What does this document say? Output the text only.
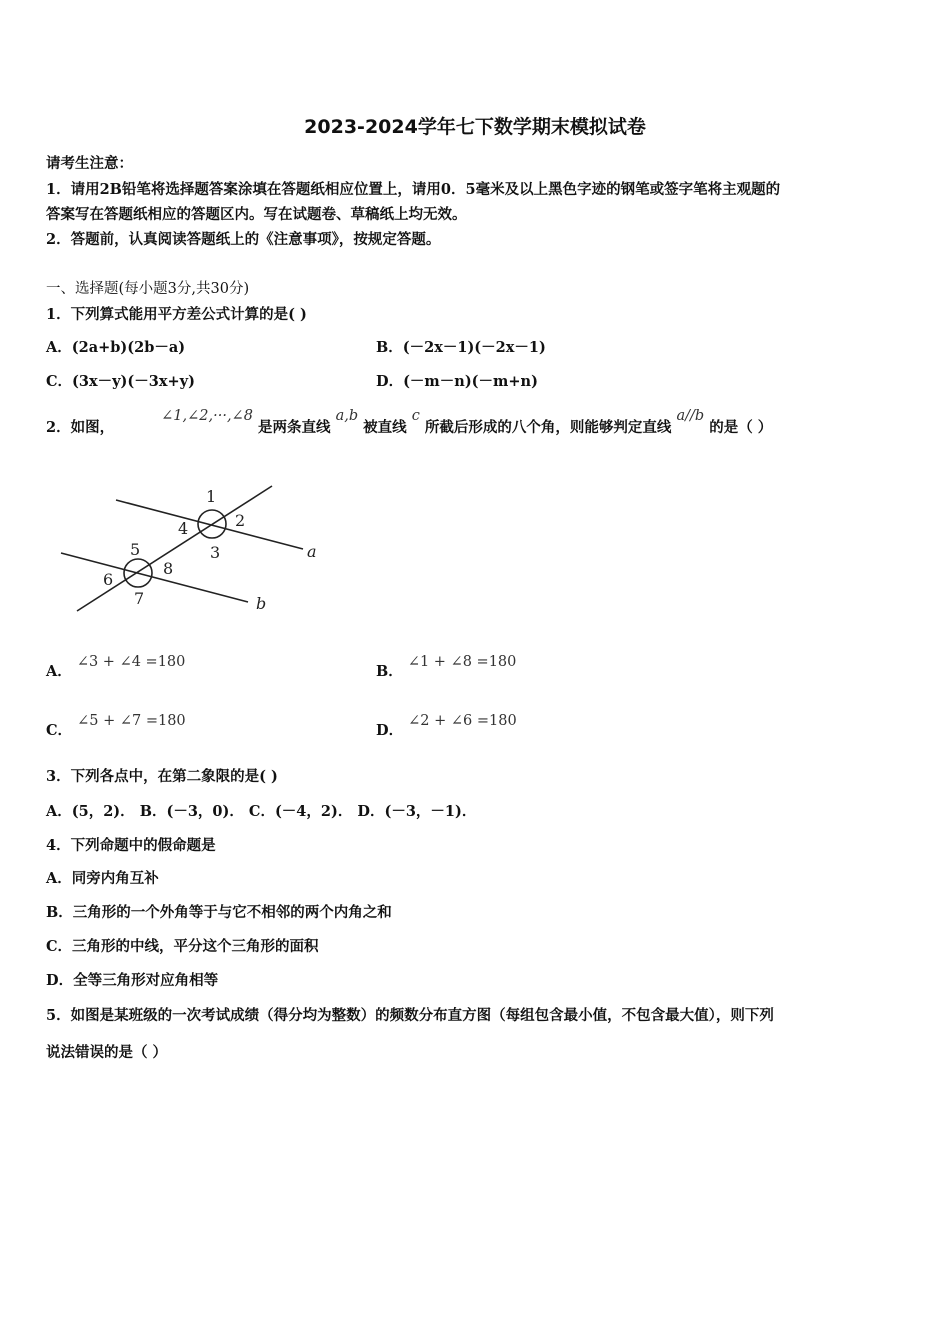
2023-2024学年七下数学期末模拟试卷
请考生注意：
1．请用2B铅笔将选择题答案涂填在答题纸相应位置上，请用0．5毫米及以上黑色字迹的钢笔或签字笔将主观题的
答案写在答题纸相应的答题区内。写在试题卷、草稿纸上均无效。
2．答题前，认真阅读答题纸上的《注意事项》，按规定答题。
一、选择题(每小题3分,共30分)
1．下列算式能用平方差公式计算的是( )
A．(2a+b)(2b－a)	B．(－2x－1)(－2x－1)
C．(3x－y)(－3x+y)	D．(－m－n)(－m+n)
2．如图， ∠1,∠2,···,∠8 是两条直线 a,b 被直线 c 所截后形成的八个角，则能够判定直线 a//b 的是（ ）
1
2
3
4
5
6
7
8
a
b
A． ∠3 + ∠4 =180
B． ∠1 + ∠8 =180
C． ∠5 + ∠7 =180
D． ∠2 + ∠6 =180
3．下列各点中，在第二象限的是( )
A．(5，2)． B．(－3，0)． C．(－4，2)． D．(－3，－1)．
4．下列命题中的假命题是
A．同旁内角互补
B．三角形的一个外角等于与它不相邻的两个内角之和
C．三角形的中线，平分这个三角形的面积
D．全等三角形对应角相等
5．如图是某班级的一次考试成绩（得分均为整数）的频数分布直方图（每组包含最小值，不包含最大值），则下列
说法错误的是（ ）
